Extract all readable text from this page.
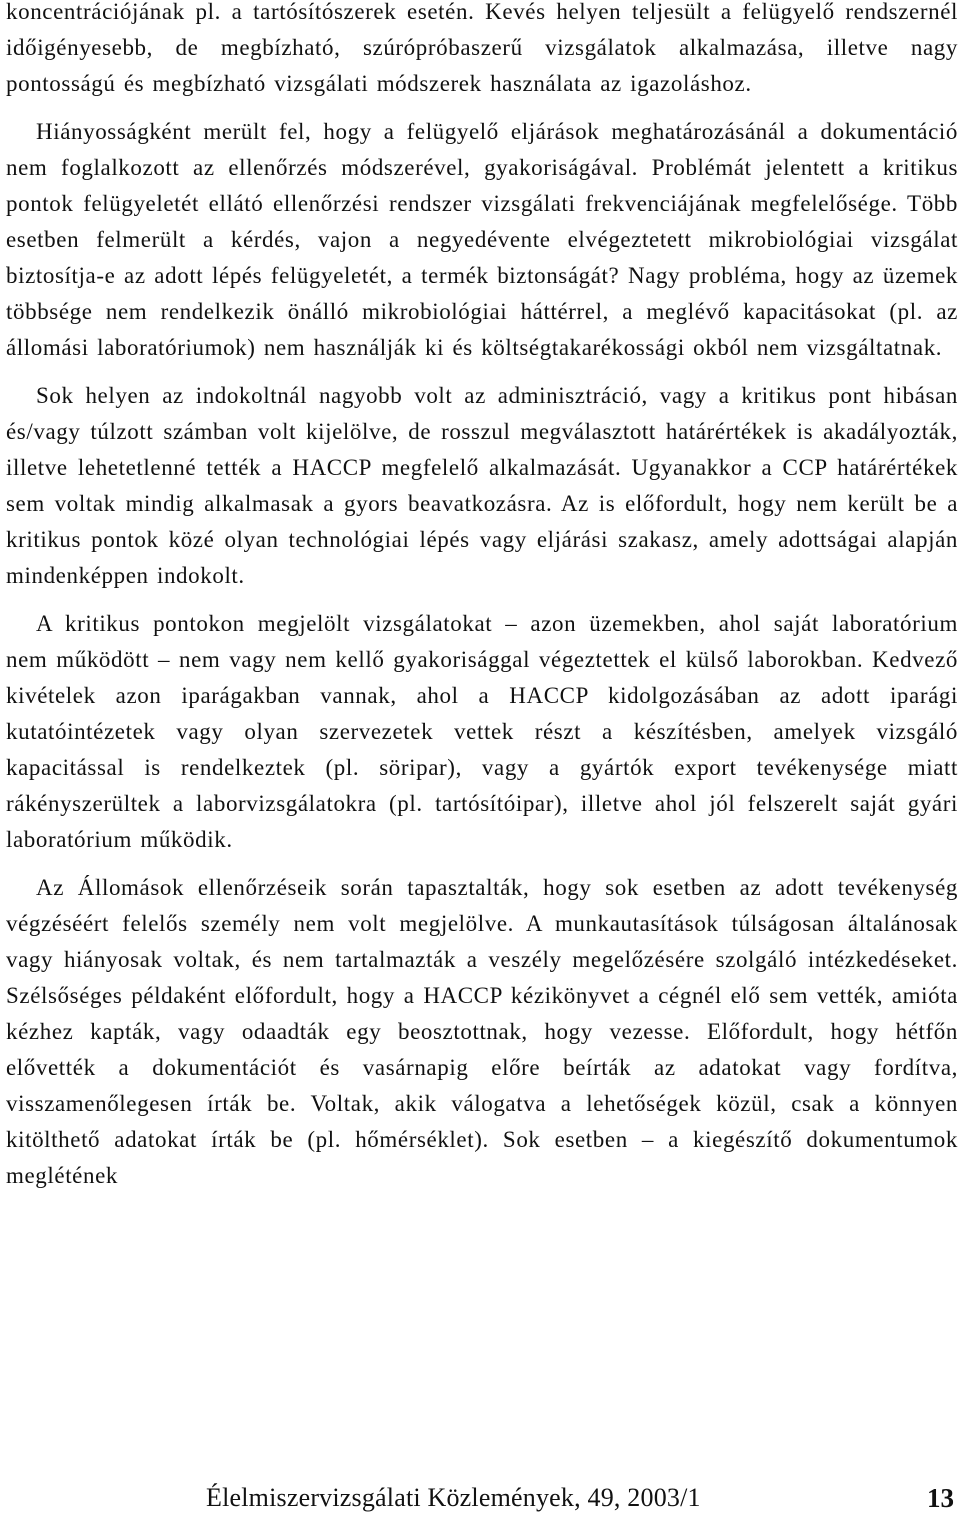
koncentrációjának pl. a tartósítószerek esetén. Kevés helyen teljesült a felügyelő rendszernél időigényesebb, de megbízható, szúrópróbaszerű vizsgálatok alkalmazása, illetve nagy pontosságú és megbízható vizsgálati módszerek használata az igazoláshoz.

Hiányosságként merült fel, hogy a felügyelő eljárások meghatározásánál a dokumentáció nem foglalkozott az ellenőrzés módszerével, gyakoriságával. Problémát jelentett a kritikus pontok felügyeletét ellátó ellenőrzési rendszer vizsgálati frekvenciájának megfelelősége. Több esetben felmerült a kérdés, vajon a negyedévente elvégeztetett mikrobiológiai vizsgálat biztosítja-e az adott lépés felügyeletét, a termék biztonságát? Nagy probléma, hogy az üzemek többsége nem rendelkezik önálló mikrobiológiai háttérrel, a meglévő kapacitásokat (pl. az állomási laboratóriumok) nem használják ki és költségtakarékossági okból nem vizsgáltatnak.

Sok helyen az indokoltnál nagyobb volt az adminisztráció, vagy a kritikus pont hibásan és/vagy túlzott számban volt kijelölve, de rosszul megválasztott határértékek is akadályozták, illetve lehetetlenné tették a HACCP megfelelő alkalmazását. Ugyanakkor a CCP határértékek sem voltak mindig alkalmasak a gyors beavatkozásra. Az is előfordult, hogy nem került be a kritikus pontok közé olyan technológiai lépés vagy eljárási szakasz, amely adottságai alapján mindenképpen indokolt.

A kritikus pontokon megjelölt vizsgálatokat – azon üzemekben, ahol saját laboratórium nem működött – nem vagy nem kellő gyakorisággal végeztettek el külső laborokban. Kedvező kivételek azon iparágakban vannak, ahol a HACCP kidolgozásában az adott iparági kutatóintézetek vagy olyan szervezetek vettek részt a készítésben, amelyek vizsgáló kapacitással is rendelkeztek (pl. söripar), vagy a gyártók export tevékenysége miatt rákényszerültek a laborvizsgálatokra (pl. tartósítóipar), illetve ahol jól felszerelt saját gyári laboratórium működik.

Az Állomások ellenőrzéseik során tapasztalták, hogy sok esetben az adott tevékenység végzéséért felelős személy nem volt megjelölve. A munkautasítások túlságosan általánosak vagy hiányosak voltak, és nem tartalmazták a veszély megelőzésére szolgáló intézkedéseket. Szélsőséges példaként előfordult, hogy a HACCP kézikönyvet a cégnél elő sem vették, amióta kézhez kapták, vagy odaadták egy beosztottnak, hogy vezesse. Előfordult, hogy hétfőn elővették a dokumentációt és vasárnapig előre beírták az adatokat vagy fordítva, visszamenőlegesen írták be. Voltak, akik válogatva a lehetőségek közül, csak a könnyen kitölthető adatokat írták be (pl. hőmérséklet). Sok esetben – a kiegészítő dokumentumok meglétének

Élelmiszervizsgálati Közlemények, 49, 2003/1	13
